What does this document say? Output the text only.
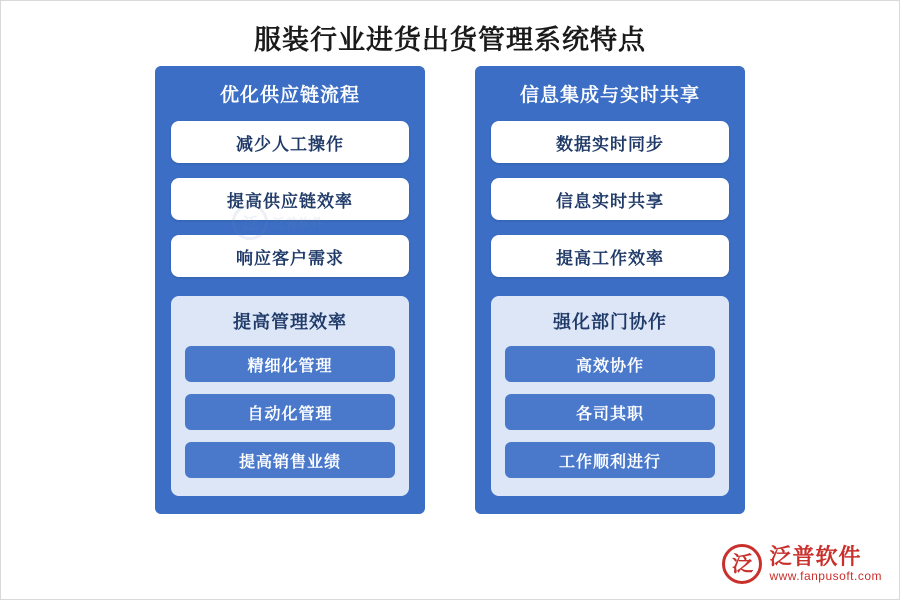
服装行业进货出货管理系统特点
优化供应链流程
减少人工操作
提高供应链效率
响应客户需求
提高管理效率
精细化管理
自动化管理
提高销售业绩
信息集成与实时共享
数据实时同步
信息实时共享
提高工作效率
强化部门协作
高效协作
各司其职
工作顺利进行
泛 泛普软件
www.fanpusoft.com
